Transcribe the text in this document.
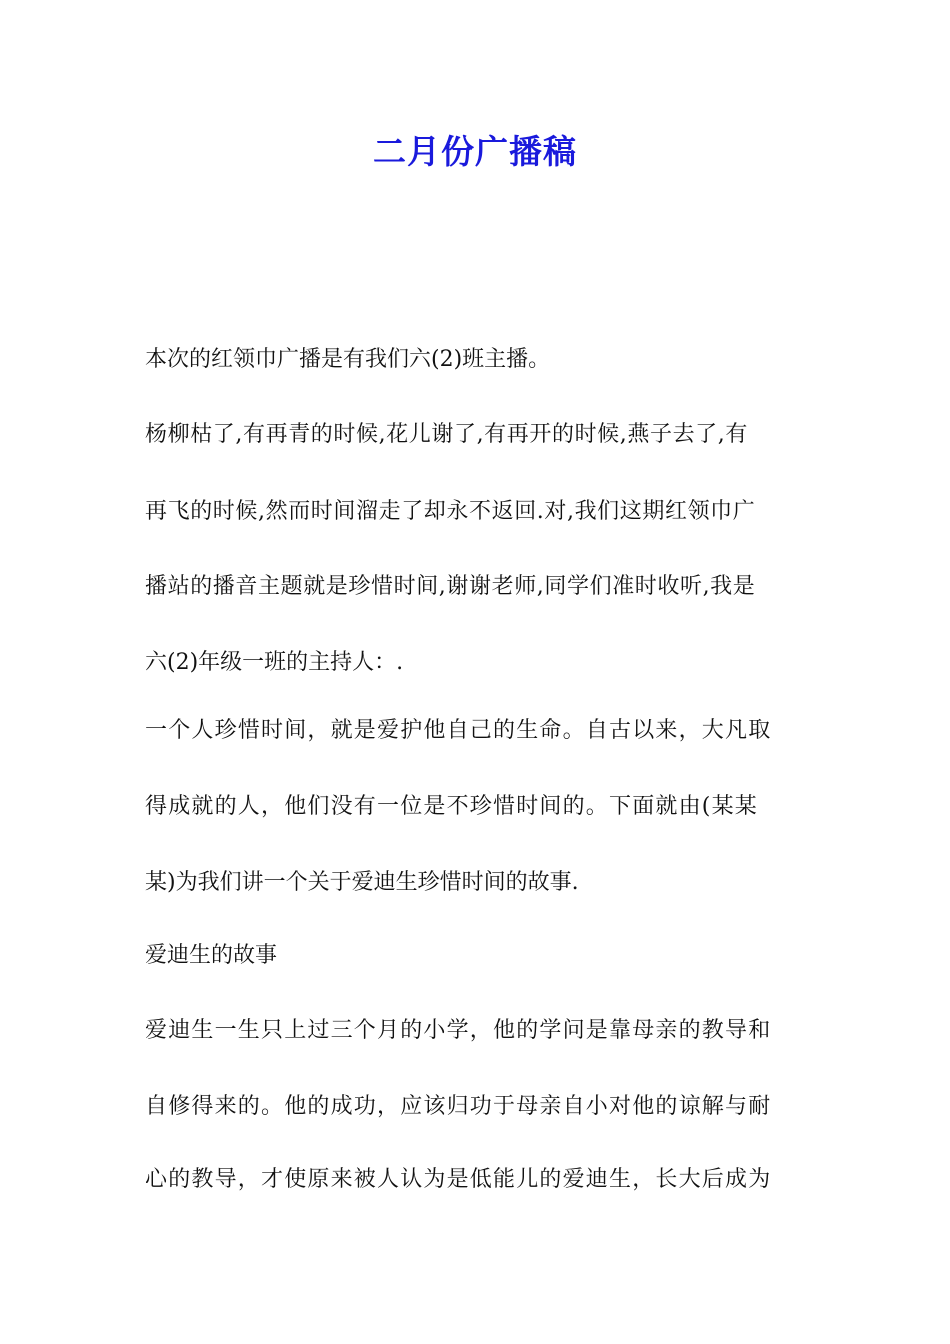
二月份广播稿
本次的红领巾广播是有我们六(2)班主播。
杨柳枯了,有再青的时候,花儿谢了,有再开的时候,燕子去了,有
再飞的时候,然而时间溜走了却永不返回.对,我们这期红领巾广
播站的播音主题就是珍惜时间,谢谢老师,同学们准时收听,我是
六(2)年级一班的主持人：.
一个人珍惜时间，就是爱护他自己的生命。自古以来，大凡取
得成就的人，他们没有一位是不珍惜时间的。下面就由(某某
某)为我们讲一个关于爱迪生珍惜时间的故事.
爱迪生的故事
爱迪生一生只上过三个月的小学，他的学问是靠母亲的教导和
自修得来的。他的成功，应该归功于母亲自小对他的谅解与耐
心的教导，才使原来被人认为是低能儿的爱迪生，长大后成为
